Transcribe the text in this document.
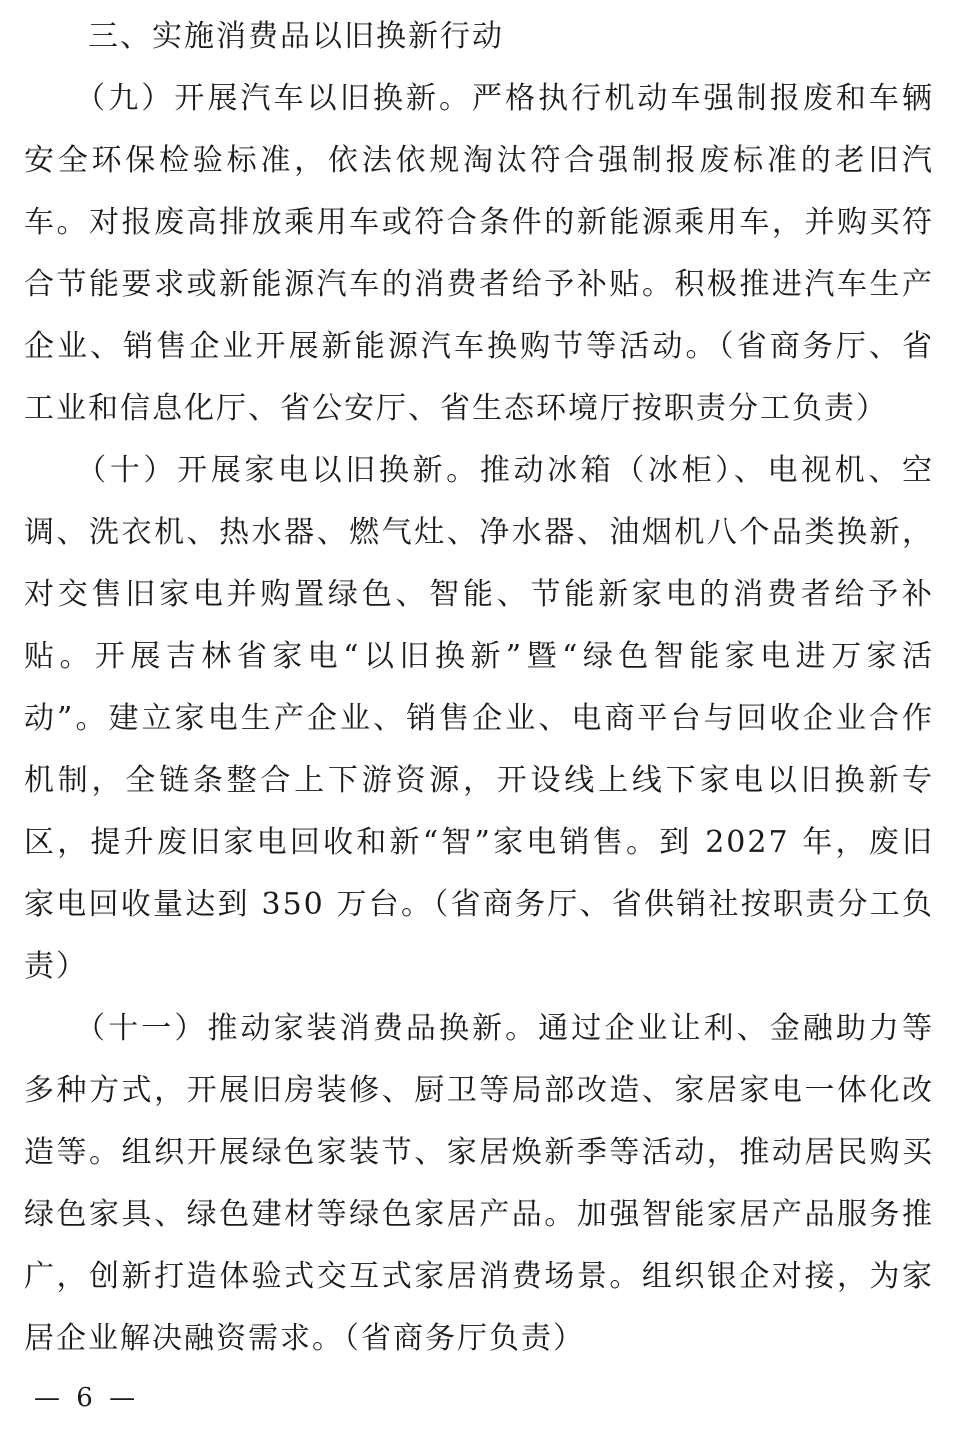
　　三、实施消费品以旧换新行动
　　（九）开展汽车以旧换新。严格执行机动车强制报废和车辆
安全环保检验标准，依法依规淘汰符合强制报废标准的老旧汽
车。对报废高排放乘用车或符合条件的新能源乘用车，并购买符
合节能要求或新能源汽车的消费者给予补贴。积极推进汽车生产
企业、销售企业开展新能源汽车换购节等活动。（省商务厅、省
工业和信息化厅、省公安厅、省生态环境厅按职责分工负责）
　　（十）开展家电以旧换新。推动冰箱（冰柜）、电视机、空
调、洗衣机、热水器、燃气灶、净水器、油烟机八个品类换新，
对交售旧家电并购置绿色、智能、节能新家电的消费者给予补
贴。开展吉林省家电“以旧换新”暨“绿色智能家电进万家活
动”。建立家电生产企业、销售企业、电商平台与回收企业合作
机制，全链条整合上下游资源，开设线上线下家电以旧换新专
区，提升废旧家电回收和新“智”家电销售。到 2027 年，废旧
家电回收量达到 350 万台。（省商务厅、省供销社按职责分工负
责）
　　（十一）推动家装消费品换新。通过企业让利、金融助力等
多种方式，开展旧房装修、厨卫等局部改造、家居家电一体化改
造等。组织开展绿色家装节、家居焕新季等活动，推动居民购买
绿色家具、绿色建材等绿色家居产品。加强智能家居产品服务推
广，创新打造体验式交互式家居消费场景。组织银企对接，为家
居企业解决融资需求。（省商务厅负责）
— 6 —
